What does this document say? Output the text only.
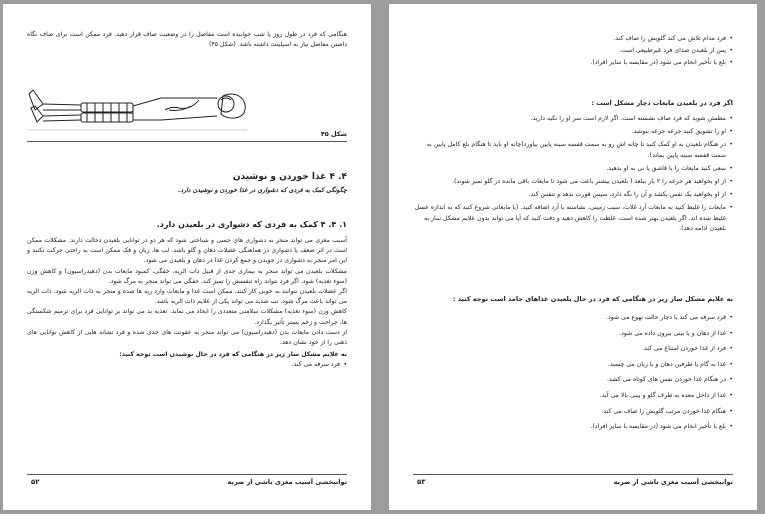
هنگامی که فرد در طول روز یا شب خوابیده است مفاصل را در وضعیت صاف قرار دهید. فرد ممکن است برای صاف نگاه داشتن مفاصل نیاز به اسپلینت داشته باشد. (شکل ۴۵)
شکل ۴۵
۴. ۴ غذا خوردن و نوشیدن
چگونگی کمک به فردی که دشواری در غذا خوردن و نوشیدن دارد.
۱. ۴. ۴ کمک به فردی که دشواری در بلعیدن دارد.

آسیب مغزی می تواند منجر به دشواری های حسی و شناختی شود که هر دو در توانایی بلعیدن دخالت دارند. مشکلات ممکن است در اثر ضعف یا دشواری در هماهنگی عضلات دهان و گلو باشد. لب ها، زبان و فک ممکن است به راحتی حرکت نکنند و این امر منجر به دشواری در جویدن و جمع کردن غذا در دهان و بلعیدن می شود.

مشکلات بلعیدن می تواند منجر به بیماری جدی از قبیل ذات الریه، خفگی، کمبود مایعات بدن (دهیدراسیون) و کاهش وزن (سوء تغذیه) شود. اگر فرد نتواند راه تنفسش را تمیز کند، خفگی می تواند منجر به مرگ شود.

اگر عضلات بلعیدن نتوانند به خوبی کار کنند، ممکن است غذا و مایعات وارد ریه ها شده و منجر به ذات الریه شود. ذات الریه می تواند باعث مرگ شود. تب شدید می تواند یکی از علایم ذات الریه باشد.

کاهش وزن (سوء تغذیه) مشکلات سلامتی متعددی را ایجاد می نماید. تغذیه بد می تواند بر توانایی فرد برای ترمیم شکستگی ها، جراحت و زخم بستر تأثیر بگذارد.

از دست دادن مایعات بدن (دهیدراسیون) می تواند منجر به عفونت های جدی شده و فرد نشانه هایی از کاهش توانایی های ذهنی را از خود نشان دهد.

به علایم مشکل ساز زیر در هنگامی که فرد در حال نوشیدن است توجه کنید:

• فرد سرفه می کند.
توانبخشی آسیب مغزی ناشی از ضربه
۵۲
• فرد مدام تلاش می کند گلویش را صاف کند.
• پس از بلعیدن صدای فرد غیرطبیعی است.
• بلع با تأخیر انجام می شود (در مقایسه با سایر افراد).
اگر فرد در بلعیدن مایعات دچار مشکل است :
• مطمئن شوید که فرد صاف نشسته است. اگر لازم است سر او را تکیه دارید.
• او را تشویق کنید جرعه جرعه بنوشد.
• در هنگام بلعیدن به او کمک کنید تا چانه اش رو به سمت قفسه سینه پایین بیاورد(چانه او باید تا هنگام بلع کامل پایین به سمت قفسه سینه پایین بماند).
• سعی کنید مایعات را با قاشق یا نی به او بدهید.
• از او بخواهید هر جرعه را ۲ بار ببلعد ( بلعیدن بیشتر باعث می شود تا مایعات باقی مانده در گلو تمیز شوند).
• از او بخواهید یک نفس بکشد و آن را نگه دارد، سپس قورت بدهد و تنفس کند.
• مایعات را غلیظ کنید به مایعات آرد غلات، سیب زمینی، نشاسته یا آرد اضافه کنید. (با مایعاتی شروع کنید که به اندازه عسل غلیظ شده اند. اگر بلعیدن بهتر شده است، غلظت را کاهش دهید و دقت کنید که آیا می تواند بدون علایم مشکل ساز به بلعیدن ادامه دهد).
به علایم مشکل ساز زیر در هنگامی که فرد در حال بلعیدن غذاهای جامد است توجه کنید :
• فرد سرفه می کند یا دچار حالت تهوع می شود.
• غذا از دهان و یا بینی بیرون داده می شود.
• فرد از غذا خوردن امتناع می کند.
• غذا به گام یا طرفین دهان و یا زبان می چسبد.
• در هنگام غذا خوردن نفس های کوتاه می کشد.
• غذا از داخل معده به طرف گلو و بینی بالا می آید.
• هنگام غذا خوردن مرتب گلویش را صاف می کند.
• بلع با تأخیر انجام می شود (در مقایسه با سایر افراد).
توانبخشی آسیب مغزی ناشی از ضربه
۵۳
